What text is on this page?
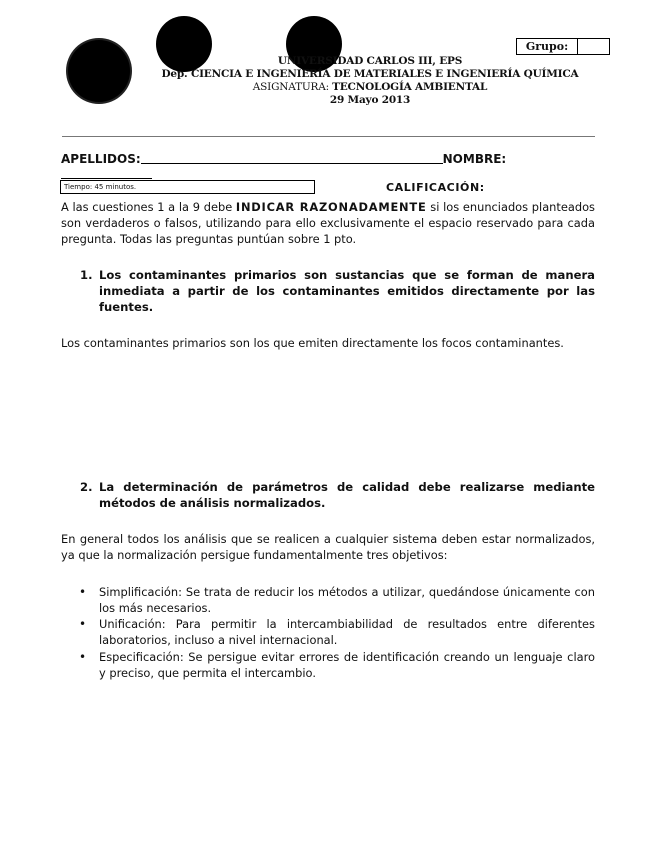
UNIVERSIDAD CARLOS III, EPS
Dep. CIENCIA E INGENIERÍA DE MATERIALES E INGENIERÍA QUÍMICA
ASIGNATURA: TECNOLOGÍA AMBIENTAL
29 Mayo 2013
Grupo:
APELLIDOS:	NOMBRE:
Tiempo: 45 minutos.	CALIFICACIÓN:
A las cuestiones 1 a la 9 debe INDICAR RAZONADAMENTE si los enunciados planteados son verdaderos o falsos, utilizando para ello exclusivamente el espacio reservado para cada pregunta. Todas las preguntas puntúan sobre 1 pto.
1. Los contaminantes primarios son sustancias que se forman de manera inmediata a partir de los contaminantes emitidos directamente por las fuentes.
Los contaminantes primarios son los que emiten directamente los focos contaminantes.
2. La determinación de parámetros de calidad debe realizarse mediante métodos de análisis normalizados.
En general todos los análisis que se realicen a cualquier sistema deben estar normalizados, ya que la normalización persigue fundamentalmente tres objetivos:
• Simplificación: Se trata de reducir los métodos a utilizar, quedándose únicamente con los más necesarios.
• Unificación: Para permitir la intercambiabilidad de resultados entre diferentes laboratorios, incluso a nivel internacional.
• Especificación: Se persigue evitar errores de identificación creando un lenguaje claro y preciso, que permita el intercambio.
